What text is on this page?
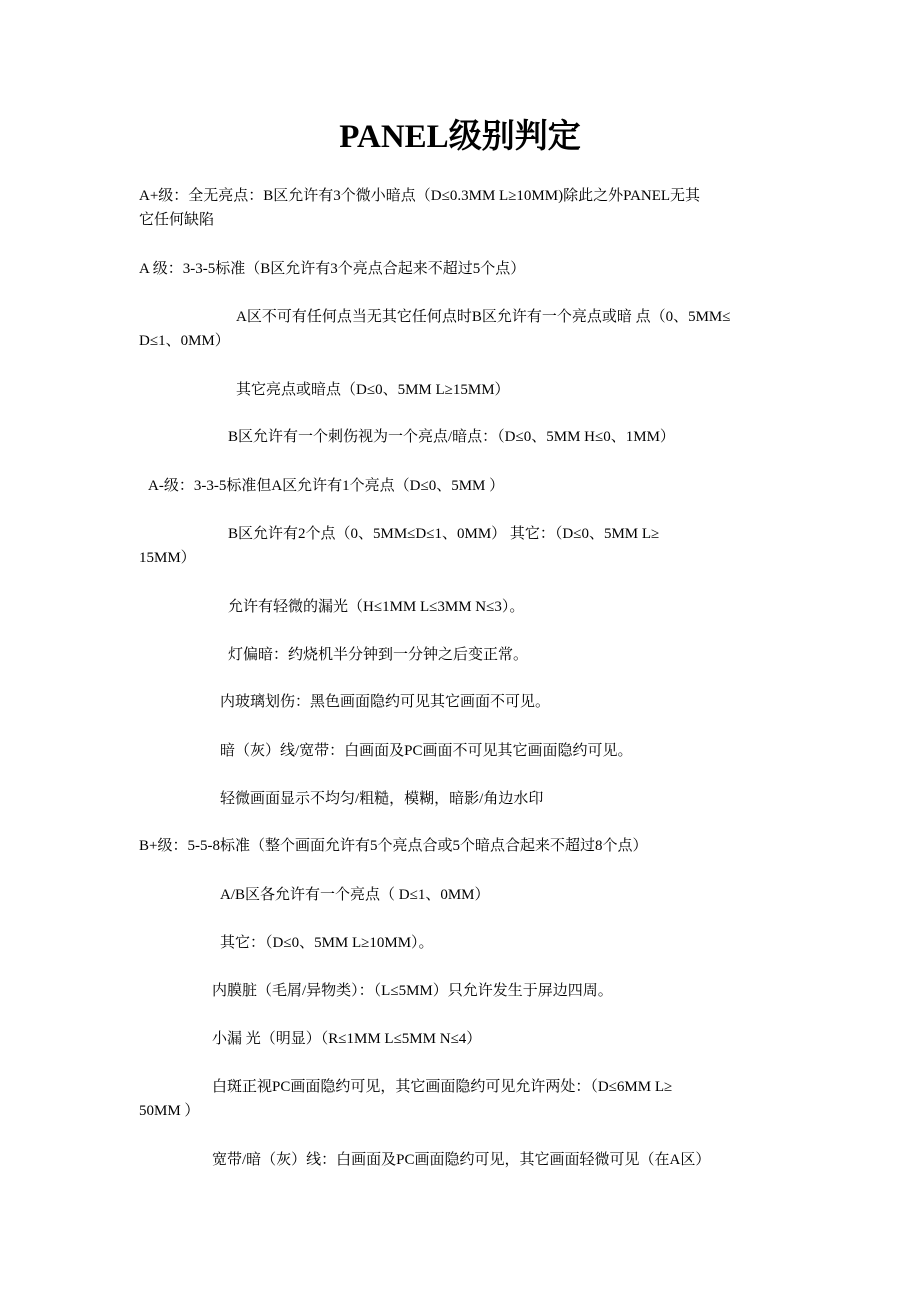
PANEL级别判定

A+级：全无亮点：B区允许有3个微小暗点（D≤0.3MM L≥10MM)除此之外PANEL无其
它任何缺陷

A 级：3-3-5标准（B区允许有3个亮点合起来不超过5个点）

A区不可有任何点当无其它任何点时B区允许有一个亮点或暗 点（0、5MM≤
D≤1、0MM）

其它亮点或暗点（D≤0、5MM L≥15MM）

B区允许有一个刺伤视为一个亮点/暗点：（D≤0、5MM H≤0、1MM）

A-级：3-3-5标准但A区允许有1个亮点（D≤0、5MM ）

B区允许有2个点（0、5MM≤D≤1、0MM） 其它：（D≤0、5MM L≥
15MM）

允许有轻微的漏光（H≤1MM L≤3MM N≤3）。

灯偏暗：约烧机半分钟到一分钟之后变正常。

内玻璃划伤：黑色画面隐约可见其它画面不可见。

暗（灰）线/宽带：白画面及PC画面不可见其它画面隐约可见。

轻微画面显示不均匀/粗糙，模糊，暗影/角边水印

B+级：5-5-8标准（整个画面允许有5个亮点合或5个暗点合起来不超过8个点）

A/B区各允许有一个亮点（ D≤1、0MM）

其它：（D≤0、5MM L≥10MM）。

内膜脏（毛屑/异物类）：（L≤5MM）只允许发生于屏边四周。

小漏 光（明显）（R≤1MM L≤5MM N≤4）

白斑正视PC画面隐约可见，其它画面隐约可见允许两处：（D≤6MM L≥
50MM ）

宽带/暗（灰）线：白画面及PC画面隐约可见，其它画面轻微可见（在A区）
